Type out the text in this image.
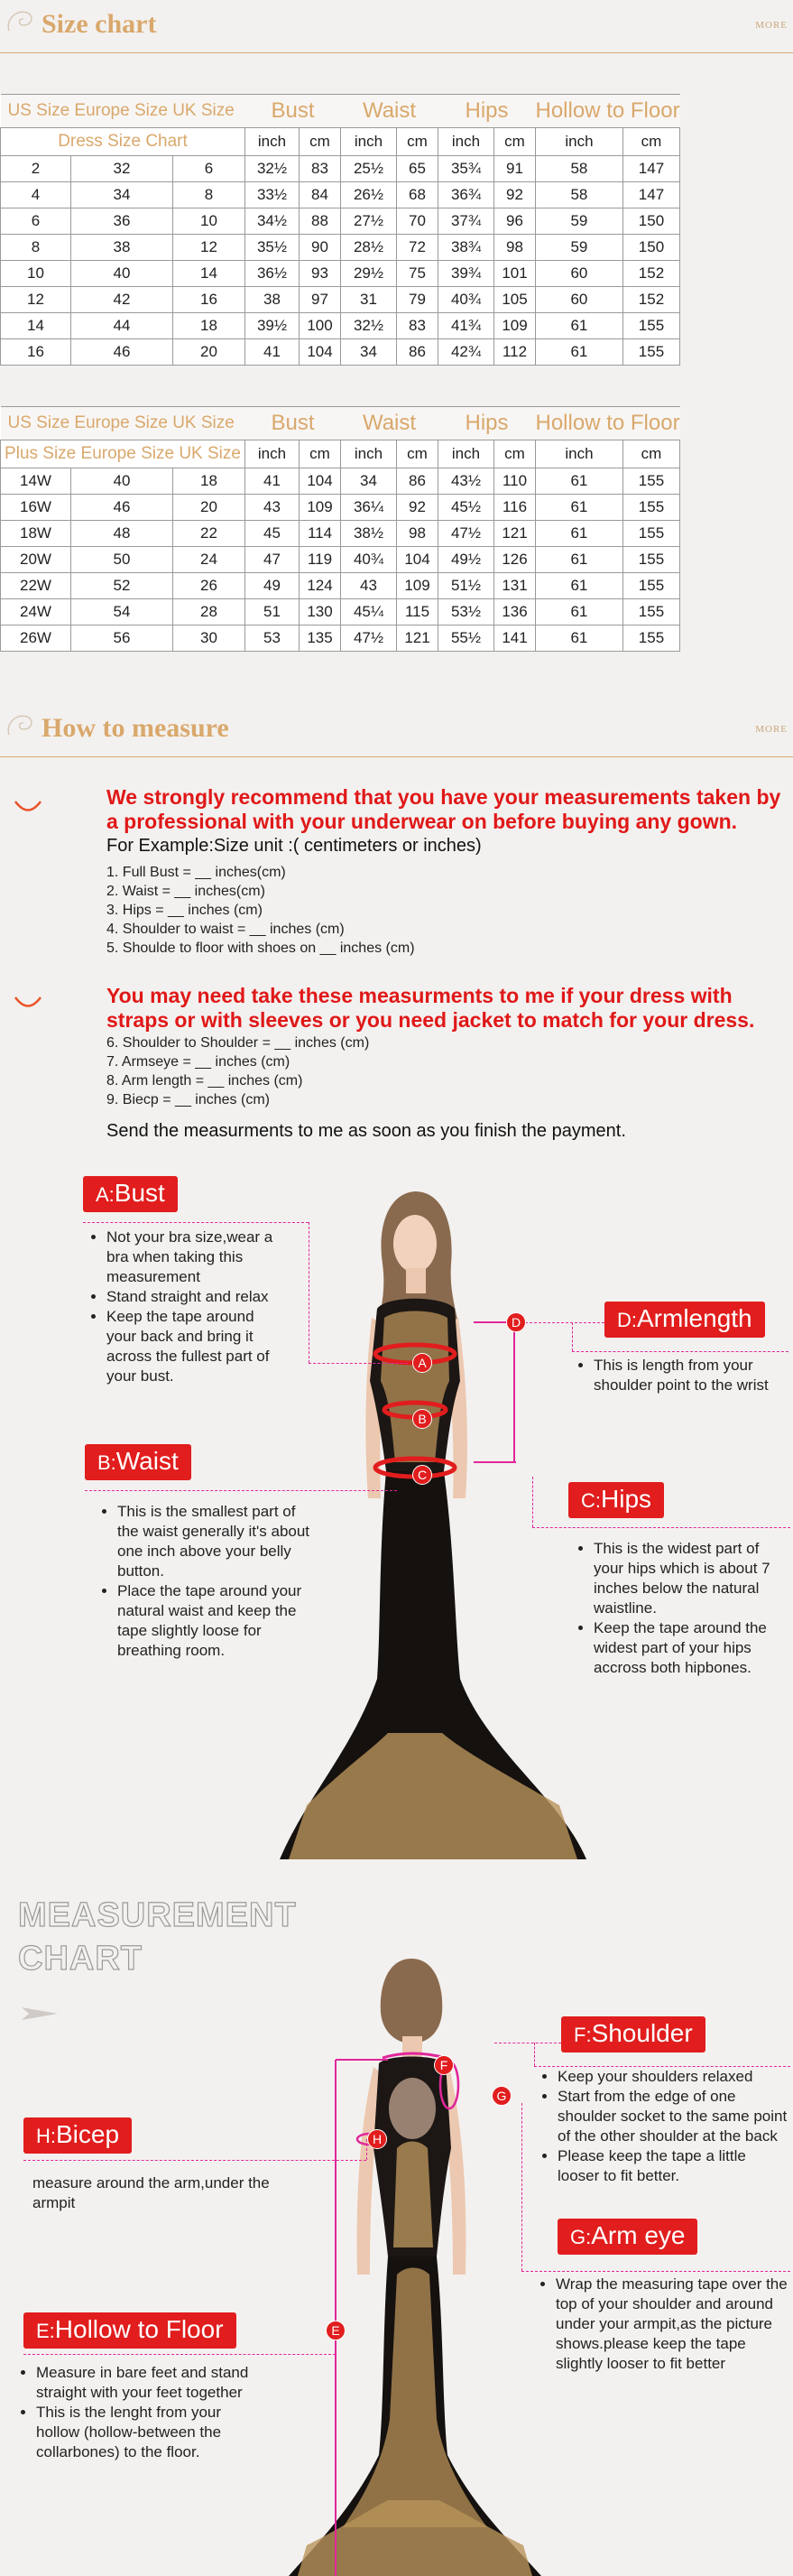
Size chart	MORE
US Size Europe Size UK Size			Bust		Waist		Hips		Hollow to Floor	
Dress Size Chart			inch	cm	inch	cm	inch	cm	inch	cm
2	32	6	32½	83	25½	65	35¾	91	58	147
4	34	8	33½	84	26½	68	36¾	92	58	147
6	36	10	34½	88	27½	70	37¾	96	59	150
8	38	12	35½	90	28½	72	38¾	98	59	150
10	40	14	36½	93	29½	75	39¾	101	60	152
12	42	16	38	97	31	79	40¾	105	60	152
14	44	18	39½	100	32½	83	41¾	109	61	155
16	46	20	41	104	34	86	42¾	112	61	155
US Size Europe Size UK Size			Bust		Waist		Hips		Hollow to Floor	
Plus Size Europe Size UK Size			inch	cm	inch	cm	inch	cm	inch	cm
14W	40	18	41	104	34	86	43½	110	61	155
16W	46	20	43	109	36¼	92	45½	116	61	155
18W	48	22	45	114	38½	98	47½	121	61	155
20W	50	24	47	119	40¾	104	49½	126	61	155
22W	52	26	49	124	43	109	51½	131	61	155
24W	54	28	51	130	45¼	115	53½	136	61	155
26W	56	30	53	135	47½	121	55½	141	61	155
How to measure	MORE
We strongly recommend that you have your measurements taken by a professional with your underwear on before buying any gown.
For Example:Size unit :( centimeters or inches)
1. Full Bust = __ inches(cm)
2. Waist = __ inches(cm)
3. Hips = __ inches (cm)
4. Shoulder to waist = __ inches (cm)
5. Shoulde to floor with shoes on __ inches (cm)
You may need take these measurments to me if your dress with straps or with sleeves or you need jacket to match for your dress.
6. Shoulder to Shoulder = __ inches (cm)
7. Armseye = __ inches (cm)
8. Arm length = __ inches (cm)
9. Biecp = __ inches (cm)
Send the measurments to me as soon as you finish the payment.
A:Bust
• Not your bra size,wear a bra when taking this measurement
• Stand straight and relax
• Keep the tape around your back and bring it across the fullest part of your bust.
D:Armlength
• This is length from your shoulder point to the wrist
B:Waist
• This is the smallest part of the waist generally it's about one inch above your belly button.
• Place the tape around your natural waist and keep the tape slightly loose for breathing room.
C:Hips
• This is the widest part of your hips which is about 7 inches below the natural waistline.
• Keep the tape around the widest part of your hips accross both hipbones.
MEASUREMENT
CHART
F:Shoulder
• Keep your shoulders relaxed
• Start from the edge of one shoulder socket to the same point of the other shoulder at the back
• Please keep the tape a little looser to fit better.
H:Bicep
measure around the arm,under the armpit
G:Arm eye
• Wrap the measuring tape over the top of your shoulder and around under your armpit,as the picture shows.please keep the tape slightly looser to fit better
E:Hollow to Floor
• Measure in bare feet and stand straight with your feet together
• This is the lenght from your hollow (hollow-between the collarbones) to the floor.
A
B
C
D
E
F
G
H
